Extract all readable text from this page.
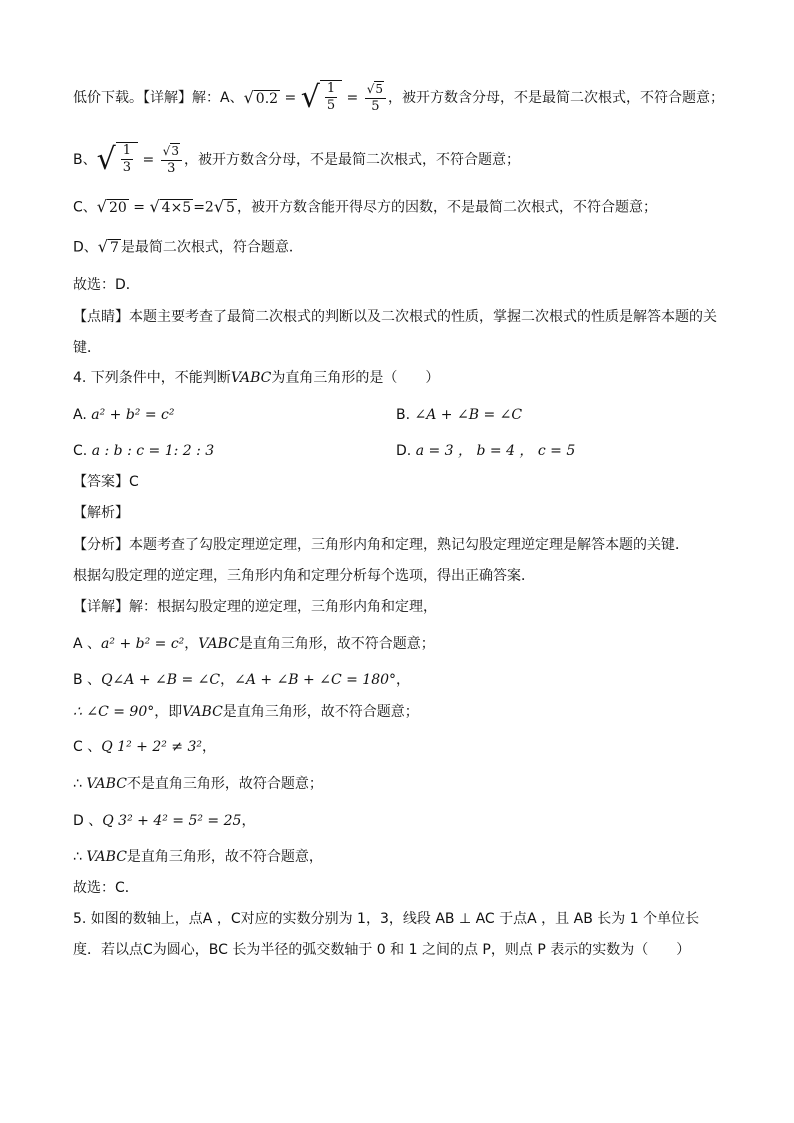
低价下载。【详解】解：A、√ 0.2 = √ $\frac{1}{5} = \frac{√5}{5}$ ，被开方数含分母，不是最简二次根式，不符合题意；
B、 √ $\frac{1}{3} = \frac{√3}{3}$ ，被开方数含分母，不是最简二次根式，不符合题意；
C、√ 20 = √ 4×5 =2√ 5 ，被开方数含能开得尽方的因数，不是最简二次根式，不符合题意；
D、√ 7 是最简二次根式，符合题意．
故选：D．
【点睛】本题主要考查了最简二次根式的判断以及二次根式的性质，掌握二次根式的性质是解答本题的关
键．
4. 下列条件中，不能判断VABC为直角三角形的是（　　）
A. a² + b² = c²	B. ∠A + ∠B = ∠C
C. a : b : c = 1: 2 : 3	D. a = 3 ， b = 4 ， c = 5
【答案】C
【解析】
【分析】本题考查了勾股定理逆定理，三角形内角和定理，熟记勾股定理逆定理是解答本题的关键．
根据勾股定理的逆定理，三角形内角和定理分析每个选项，得出正确答案．
【详解】解：根据勾股定理的逆定理，三角形内角和定理，
A 、a² + b² = c²，VABC是直角三角形，故不符合题意；
B 、Q∠A + ∠B = ∠C，∠A + ∠B + ∠C = 180°，
∴ ∠C = 90°，即VABC是直角三角形，故不符合题意；
C 、Q 1² + 2² ≠ 3²，
∴ VABC不是直角三角形，故符合题意；
D 、Q 3² + 4² = 5² = 25，
∴ VABC是直角三角形，故不符合题意，
故选：C．
5. 如图的数轴上，点A ，C对应的实数分别为 1，3，线段 AB ⊥ AC 于点A ，且 AB 长为 1 个单位长
度．若以点C为圆心，BC 长为半径的弧交数轴于 0 和 1 之间的点 P，则点 P 表示的实数为（　　）
